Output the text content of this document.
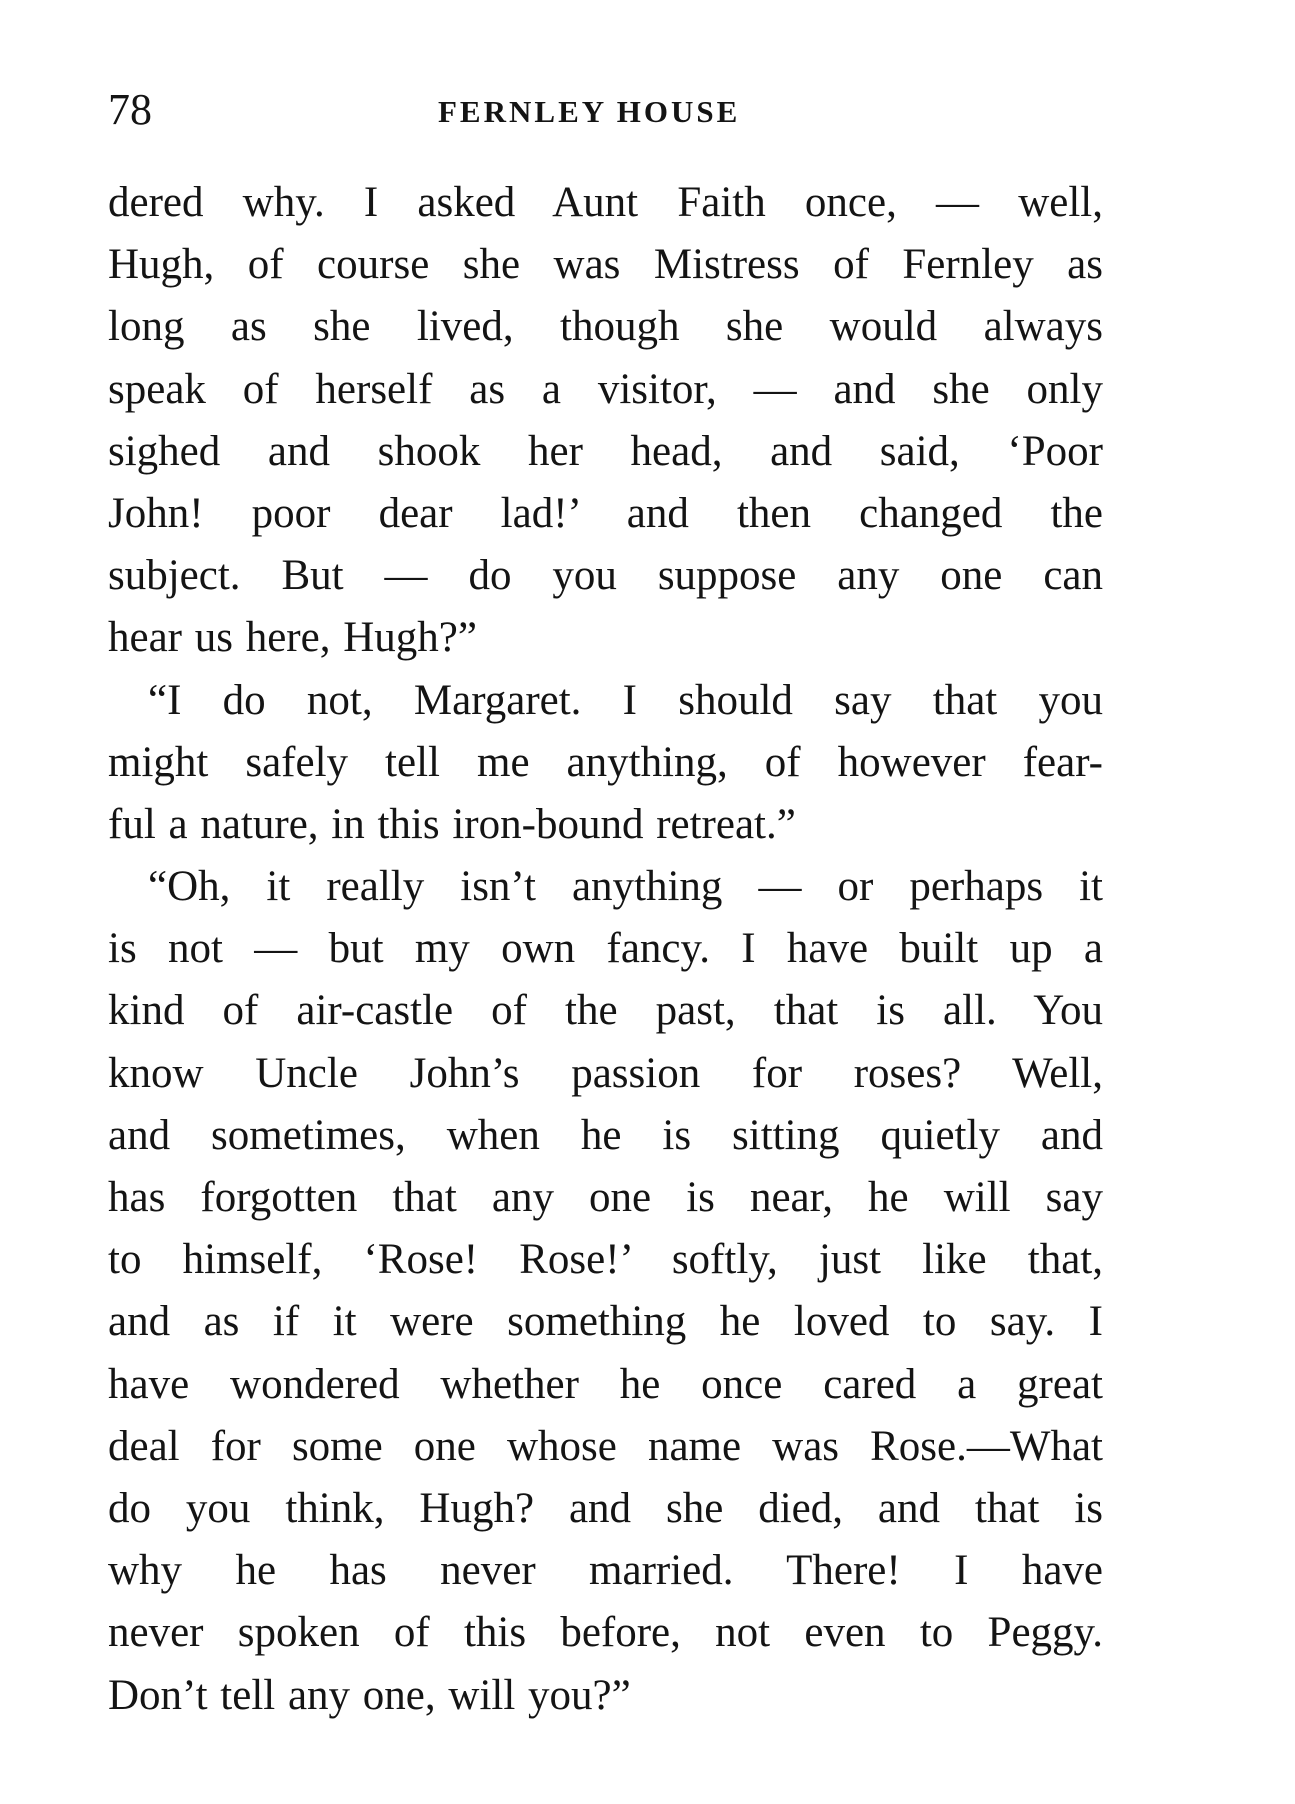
78	FERNLEY HOUSE
dered why. I asked Aunt Faith once, — well,
Hugh, of course she was Mistress of Fernley as
long as she lived, though she would always
speak of herself as a visitor, — and she only
sighed and shook her head, and said, ‘Poor
John! poor dear lad!’ and then changed the
subject. But — do you suppose any one can
hear us here, Hugh?”
“I do not, Margaret. I should say that you
might safely tell me anything, of however fear-
ful a nature, in this iron-bound retreat.”
“Oh, it really isn’t anything — or perhaps it
is not — but my own fancy. I have built up a
kind of air-castle of the past, that is all. You
know Uncle John’s passion for roses? Well,
and sometimes, when he is sitting quietly and
has forgotten that any one is near, he will say
to himself, ‘Rose! Rose!’ softly, just like that,
and as if it were something he loved to say. I
have wondered whether he once cared a great
deal for some one whose name was Rose.—What
do you think, Hugh? and she died, and that is
why he has never married. There! I have
never spoken of this before, not even to Peggy.
Don’t tell any one, will you?”
